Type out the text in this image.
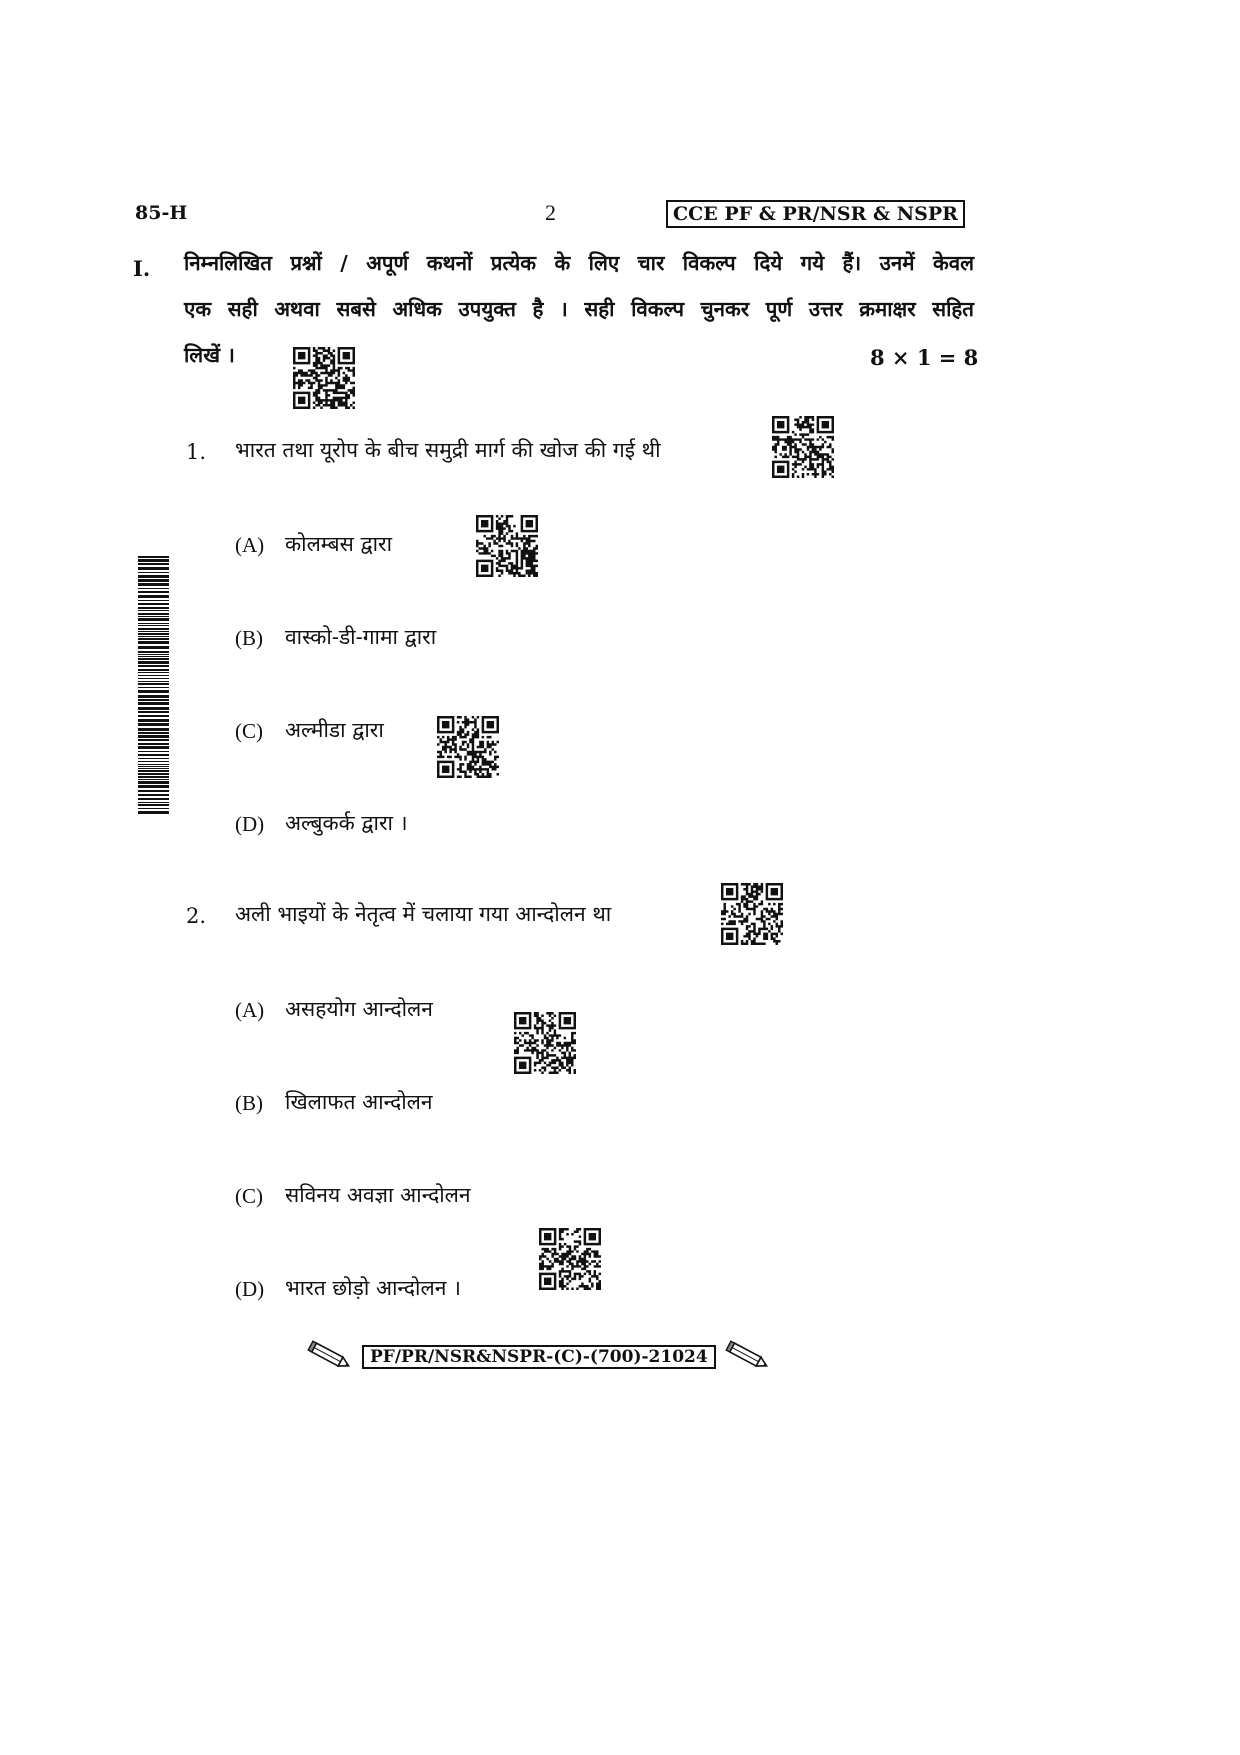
85-H	2	CCE PF & PR/NSR & NSPR
I. निम्नलिखित प्रश्नों / अपूर्ण कथनों प्रत्येक के लिए चार विकल्प दिये गये हैं। उनमें केवल
एक सही अथवा सबसे अधिक उपयुक्त है । सही विकल्प चुनकर पूर्ण उत्तर क्रमाक्षर सहित
लिखें ।	8 × 1 = 8
1. भारत तथा यूरोप के बीच समुद्री मार्ग की खोज की गई थी
(A) कोलम्बस द्वारा
(B) वास्को-डी-गामा द्वारा
(C) अल्मीडा द्वारा
(D) अल्बुकर्क द्वारा ।
2. अली भाइयों के नेतृत्व में चलाया गया आन्दोलन था
(A) असहयोग आन्दोलन
(B) खिलाफत आन्दोलन
(C) सविनय अवज्ञा आन्दोलन
(D) भारत छोड़ो आन्दोलन ।
PF/PR/NSR&NSPR-(C)-(700)-21024
